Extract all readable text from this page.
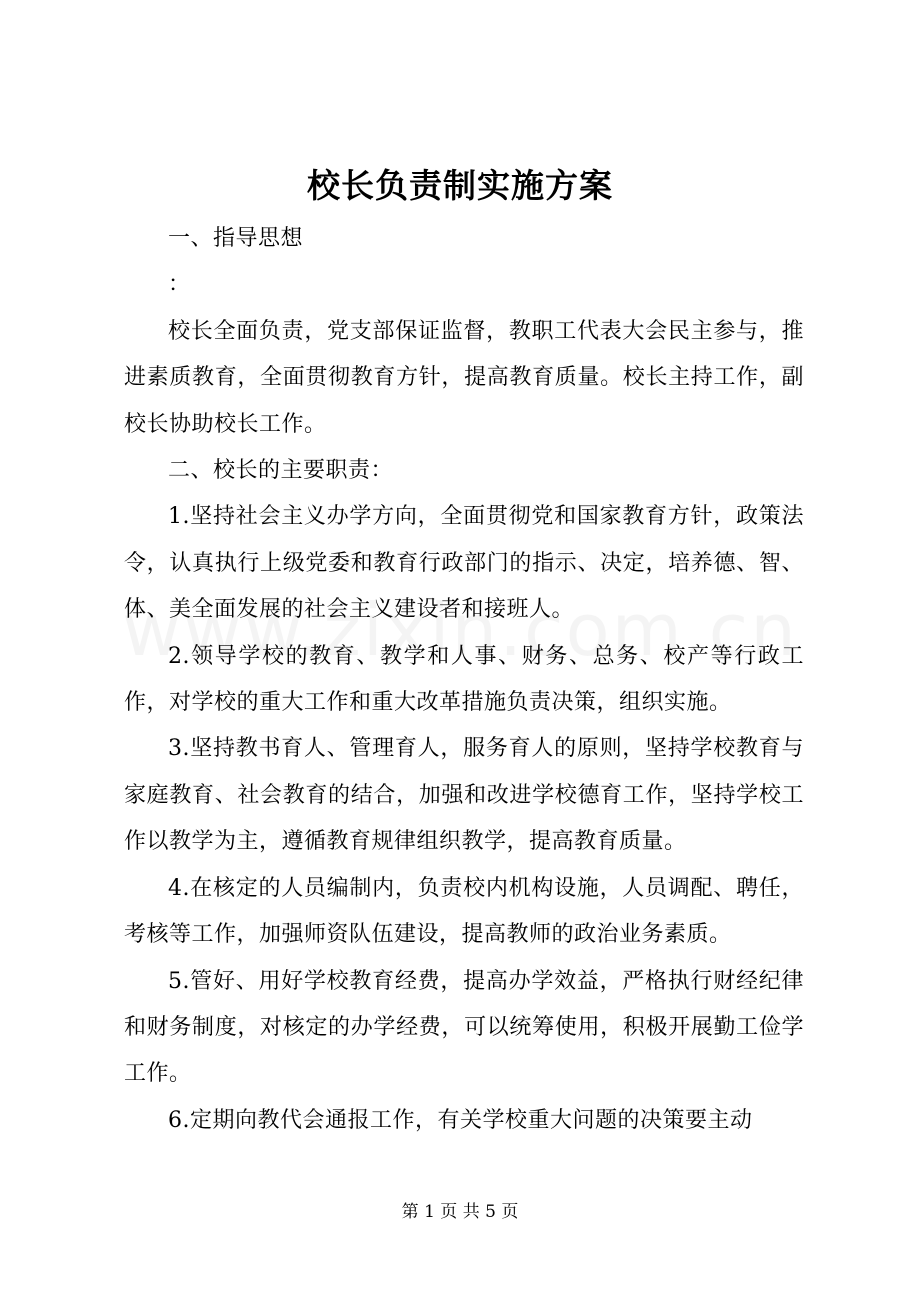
校长负责制实施方案

一、指导思想

：

校长全面负责，党支部保证监督，教职工代表大会民主参与，推进素质教育，全面贯彻教育方针，提高教育质量。校长主持工作，副校长协助校长工作。

二、校长的主要职责：

1.坚持社会主义办学方向，全面贯彻党和国家教育方针，政策法令，认真执行上级党委和教育行政部门的指示、决定，培养德、智、体、美全面发展的社会主义建设者和接班人。

2.领导学校的教育、教学和人事、财务、总务、校产等行政工作，对学校的重大工作和重大改革措施负责决策，组织实施。

3.坚持教书育人、管理育人，服务育人的原则，坚持学校教育与家庭教育、社会教育的结合，加强和改进学校德育工作，坚持学校工作以教学为主，遵循教育规律组织教学，提高教育质量。

4.在核定的人员编制内，负责校内机构设施，人员调配、聘任，考核等工作，加强师资队伍建设，提高教师的政治业务素质。

5.管好、用好学校教育经费，提高办学效益，严格执行财经纪律和财务制度，对核定的办学经费，可以统筹使用，积极开展勤工俭学工作。

6.定期向教代会通报工作，有关学校重大问题的决策要主动

第 1 页 共 5 页
